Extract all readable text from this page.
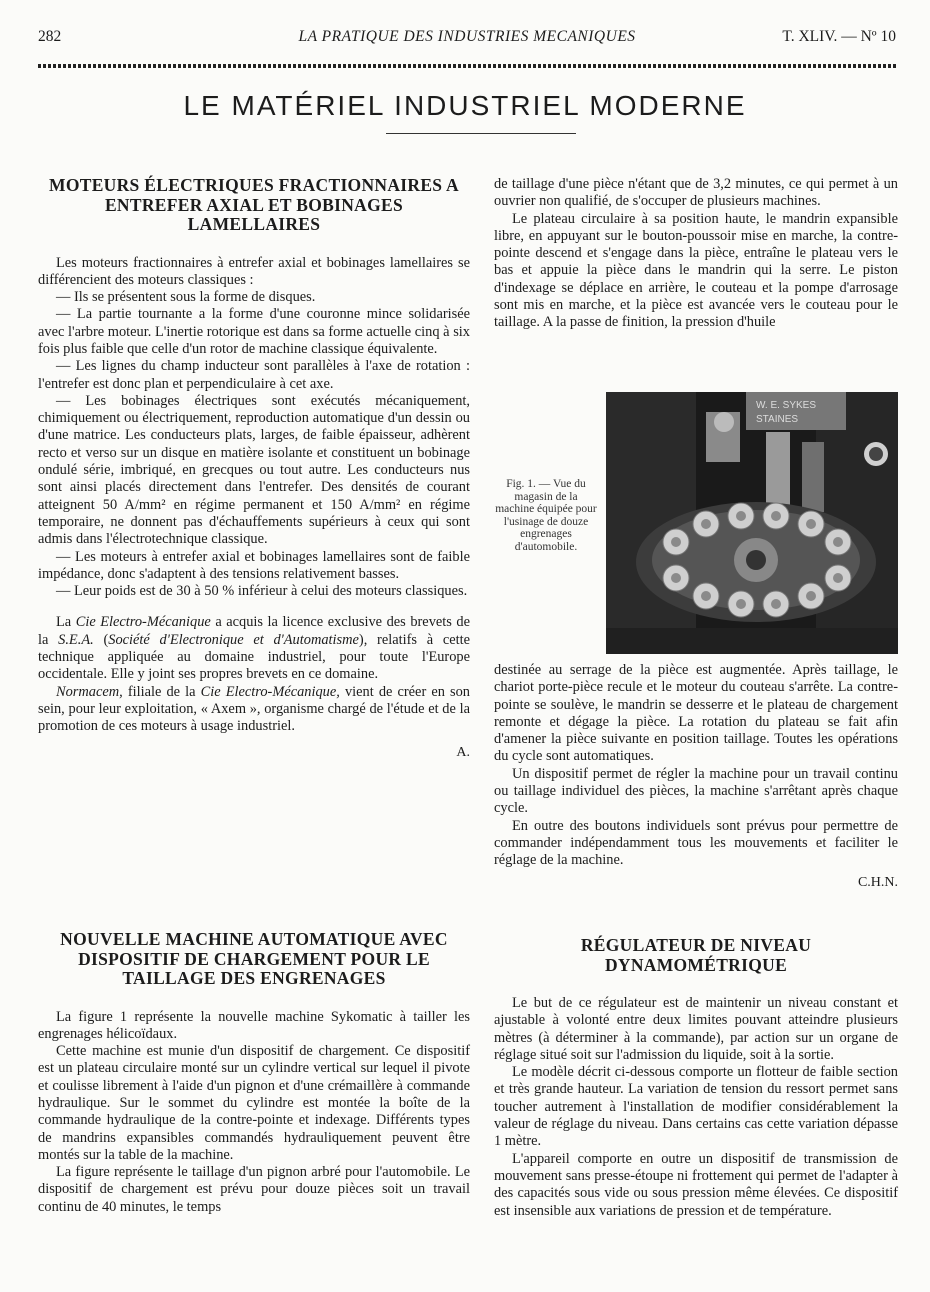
282	LA PRATIQUE DES INDUSTRIES MECANIQUES	T. XLIV. — Nº 10
LE MATÉRIEL INDUSTRIEL MODERNE
MOTEURS ÉLECTRIQUES FRACTIONNAIRES A ENTREFER AXIAL ET BOBINAGES LAMELLAIRES

Les moteurs fractionnaires à entrefer axial et bobinages lamellaires se différencient des moteurs classiques :

— Ils se présentent sous la forme de disques.

— La partie tournante a la forme d'une couronne mince solidarisée avec l'arbre moteur. L'inertie rotorique est dans sa forme actuelle cinq à six fois plus faible que celle d'un rotor de machine classique équivalente.

— Les lignes du champ inducteur sont parallèles à l'axe de rotation : l'entrefer est donc plan et perpendiculaire à cet axe.

— Les bobinages électriques sont exécutés mécaniquement, chimiquement ou électriquement, reproduction automatique d'un dessin ou d'une matrice. Les conducteurs plats, larges, de faible épaisseur, adhèrent recto et verso sur un disque en matière isolante et constituent un bobinage ondulé série, imbriqué, en grecques ou tout autre. Les conducteurs nus sont ainsi placés directement dans l'entrefer. Des densités de courant atteignent 50 A/mm² en régime permanent et 150 A/mm² en régime temporaire, ne donnent pas d'échauffements supérieurs à ceux qui sont admis dans l'électrotechnique classique.

— Les moteurs à entrefer axial et bobinages lamellaires sont de faible impédance, donc s'adaptent à des tensions relativement basses.

— Leur poids est de 30 à 50 % inférieur à celui des moteurs classiques.

La Cie Electro-Mécanique a acquis la licence exclusive des brevets de la S.E.A. (Société d'Electronique et d'Automatisme), relatifs à cette technique appliquée au domaine industriel, pour toute l'Europe occidentale. Elle y joint ses propres brevets en ce domaine.

Normacem, filiale de la Cie Electro-Mécanique, vient de créer en son sein, pour leur exploitation, « Axem », organisme chargé de l'étude et de la promotion de ces moteurs à usage industriel.

A.
NOUVELLE MACHINE AUTOMATIQUE AVEC DISPOSITIF DE CHARGEMENT POUR LE TAILLAGE DES ENGRENAGES

La figure 1 représente la nouvelle machine Sykomatic à tailler les engrenages hélicoïdaux.

Cette machine est munie d'un dispositif de chargement. Ce dispositif est un plateau circulaire monté sur un cylindre vertical sur lequel il pivote et coulisse librement à l'aide d'un pignon et d'une crémaillère à commande hydraulique. Sur le sommet du cylindre est montée la boîte de la commande hydraulique de la contre-pointe et indexage. Différents types de mandrins expansibles commandés hydrauliquement peuvent être montés sur la table de la machine.

La figure représente le taillage d'un pignon arbré pour l'automobile. Le dispositif de chargement est prévu pour douze pièces soit un travail continu de 40 minutes, le temps

de taillage d'une pièce n'étant que de 3,2 minutes, ce qui permet à un ouvrier non qualifié, de s'occuper de plusieurs machines.

Le plateau circulaire à sa position haute, le mandrin expansible libre, en appuyant sur le bouton-poussoir mise en marche, la contre-pointe descend et s'engage dans la pièce, entraîne le plateau vers le bas et appuie la pièce dans le mandrin qui la serre. Le piston d'indexage se déplace en arrière, le couteau et la pompe d'arrosage sont mis en marche, et la pièce est avancée vers le couteau pour le taillage. A la passe de finition, la pression d'huile

Fig. 1. — Vue du magasin de la machine équipée pour l'usinage de douze engrenages d'automobile.
W. E. SYKES
STAINES

destinée au serrage de la pièce est augmentée. Après taillage, le chariot porte-pièce recule et le moteur du couteau s'arrête. La contre-pointe se soulève, le mandrin se desserre et le plateau de chargement remonte et dégage la pièce. La rotation du plateau se fait afin d'amener la pièce suivante en position taillage. Toutes les opérations du cycle sont automatiques.

Un dispositif permet de régler la machine pour un travail continu ou taillage individuel des pièces, la machine s'arrêtant après chaque cycle.

En outre des boutons individuels sont prévus pour permettre de commander indépendamment tous les mouvements et faciliter le réglage de la machine.

C.H.N.
RÉGULATEUR DE NIVEAU DYNAMOMÉTRIQUE

Le but de ce régulateur est de maintenir un niveau constant et ajustable à volonté entre deux limites pouvant atteindre plusieurs mètres (à déterminer à la commande), par action sur un organe de réglage situé soit sur l'admission du liquide, soit à la sortie.

Le modèle décrit ci-dessous comporte un flotteur de faible section et très grande hauteur. La variation de tension du ressort permet sans toucher autrement à l'installation de modifier considérablement la valeur de réglage du niveau. Dans certains cas cette variation dépasse 1 mètre.

L'appareil comporte en outre un dispositif de transmission de mouvement sans presse-étoupe ni frottement qui permet de l'adapter à des capacités sous vide ou sous pression même élevées. Ce dispositif est insensible aux variations de pression et de température.
